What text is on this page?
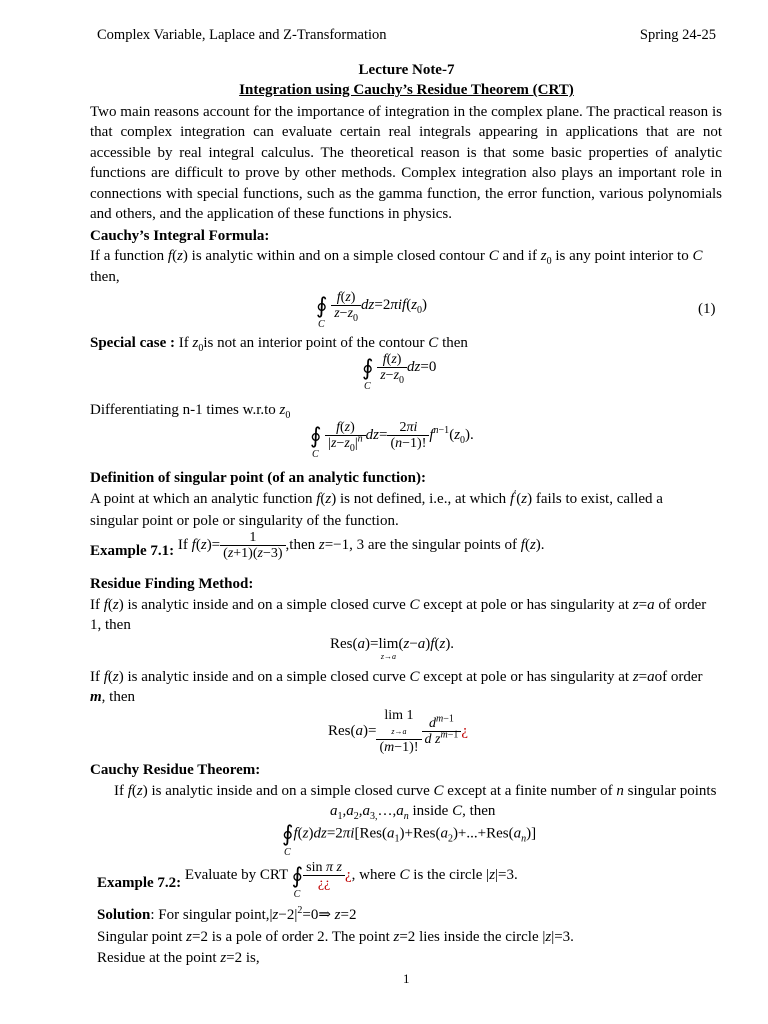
Complex Variable, Laplace and Z-Transformation	Spring 24-25
Lecture Note-7
Integration using Cauchy’s Residue Theorem (CRT)
Two main reasons account for the importance of integration in the complex plane. The practical reason is that complex integration can evaluate certain real integrals appearing in applications that are not accessible by real integral calculus. The theoretical reason is that some basic properties of analytic functions are difficult to prove by other methods. Complex integration also plays an important role in connections with special functions, such as the gamma function, the error function, various polynomials and others, and the application of these functions in physics.
Cauchy’s Integral Formula:
If a function f(z) is analytic within and on a simple closed contour C and if $z_0$ is any point interior to C
then,
∮
C

$\frac{f(z)}{z-z_0} dz=2\pi if(z_0)$	(1)
Special case : If $z_0is$ not an interior point of the contour C then
∮
C

$\frac{f(z)}{z-z_0} dz=0$
Differentiating n-1 times w.r.to $z_0$
∮
C

$\frac{f(z)}{|z-z_0|^n} dz= \frac{2\pi i}{(n-1)!} f^{n-1}(z_0)$.
Definition of singular point (of an analytic function):
A point at which an analytic function f(z) is not defined, i.e., at which f′(z) fails to exist, called a
singular point or pole or singularity of the function.
Example 7.1: If $f(z)= \frac{1}{(z+1)(z-3)}$ ,then z=−1, 3 are the singular points of f(z).
Residue Finding Method:
If f(z) is analytic inside and on a simple closed curve C except at pole or has singularity at z=a of order
1, then
Res(a)=lim

z→a
(z−a)f(z).
If f(z) is analytic inside and on a simple closed curve C except at pole or has singularity at z=aof order
m, then
Res(a)=
lim 1
z→a
(m−1)!
$\frac{d^{m-1}}{d z^{m-1}}$ ¿
Cauchy Residue Theorem:
If f(z) is analytic inside and on a simple closed curve C except at a finite number of n singular points
$a_1,a_2,a_{3,}\dots,a_n$ inside C, then
∮
C
$f(z)dz=2\pi i[Res(a_1)+Res(a_2)+...+Res(a_n)]$
Example 7.2: Evaluate by CRT ∮
C
$\frac{\text{sin π z}}{¿¿}$ ¿, where C is the circle |z|=3.
Solution: For singular $point,|z-2|^2=0\Rightarrow$ z=2
Singular point z=2 is a pole of order 2. The point z=2 lies inside the circle |z|=3.
Residue at the point z=2 is,
1
